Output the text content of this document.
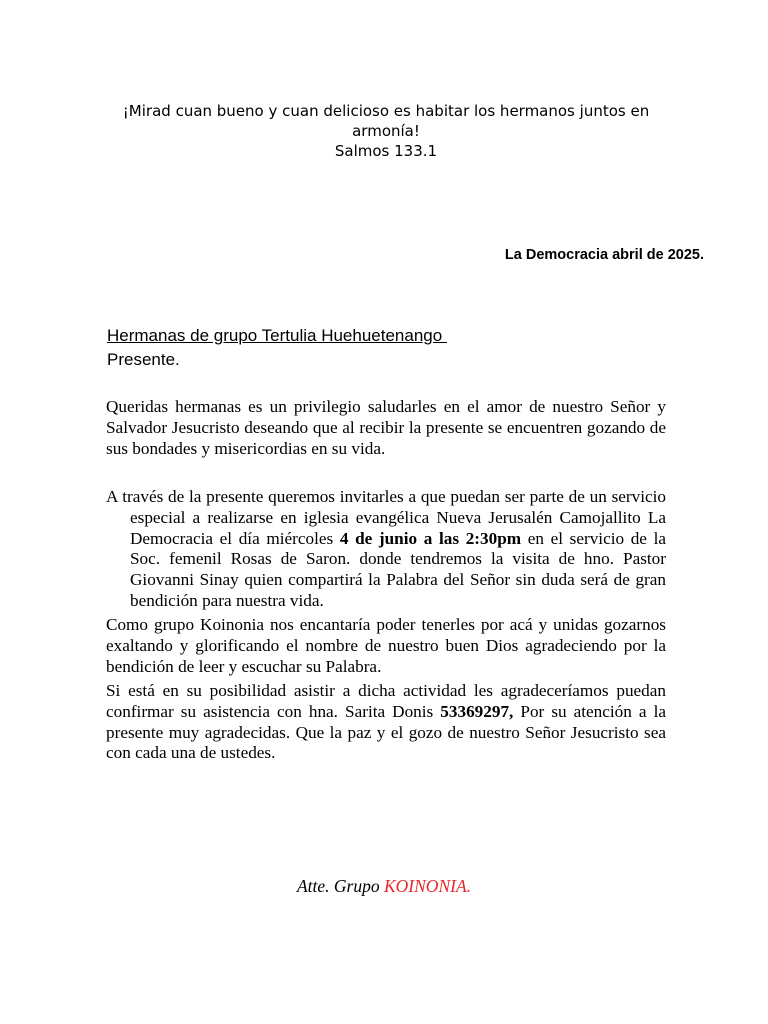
¡Mirad cuan bueno y cuan delicioso es habitar los hermanos juntos en
armonía!
Salmos 133.1
La Democracia abril de 2025.
Hermanas de grupo Tertulia Huehuetenango
Presente.
Queridas hermanas es un privilegio saludarles en el amor de nuestro Señor y Salvador Jesucristo deseando que al recibir la presente se encuentren gozando de sus bondades y misericordias en su vida.
A través de la presente queremos invitarles a que puedan ser parte de un servicio especial a realizarse en iglesia evangélica Nueva Jerusalén Camojallito La Democracia el día miércoles 4 de junio a las 2:30pm en el servicio de la Soc. femenil Rosas de Saron. donde tendremos la visita de hno. Pastor Giovanni Sinay quien compartirá la Palabra del Señor sin duda será de gran bendición para nuestra vida.
Como grupo Koinonia nos encantaría poder tenerles por acá y unidas gozarnos exaltando y glorificando el nombre de nuestro buen Dios agradeciendo por la bendición de leer y escuchar su Palabra.
Si está en su posibilidad asistir a dicha actividad les agradeceríamos puedan confirmar su asistencia con hna. Sarita Donis 53369297, Por su atención a la presente muy agradecidas. Que la paz y el gozo de nuestro Señor Jesucristo sea con cada una de ustedes.
Atte. Grupo KOINONIA.
